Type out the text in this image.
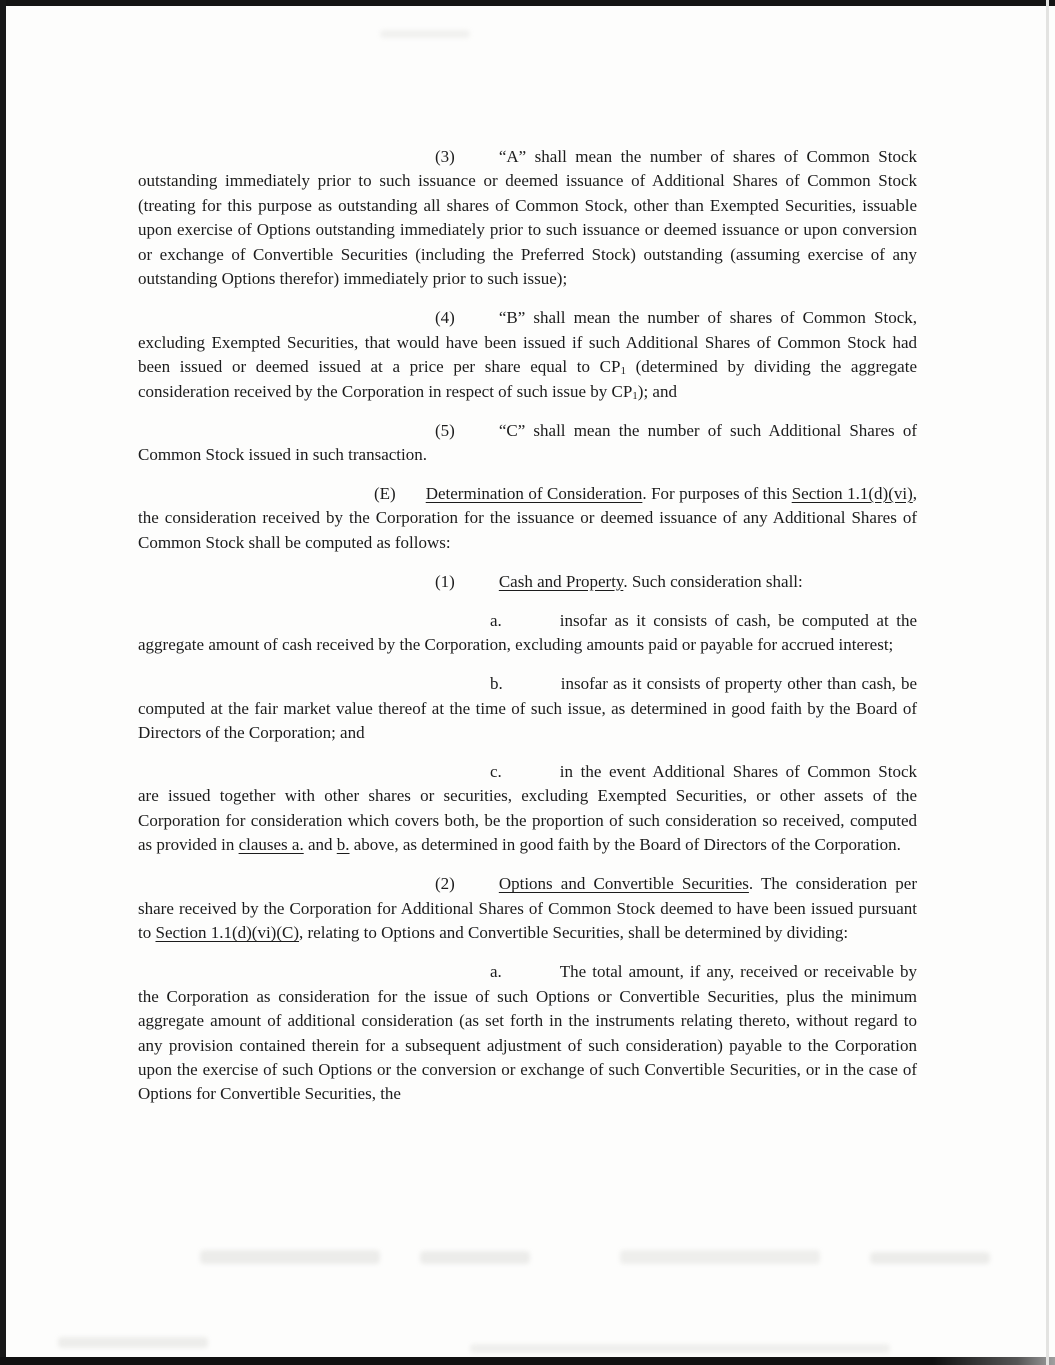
(3)	“A” shall mean the number of shares of Common Stock outstanding immediately prior to such issuance or deemed issuance of Additional Shares of Common Stock (treating for this purpose as outstanding all shares of Common Stock, other than Exempted Securities, issuable upon exercise of Options outstanding immediately prior to such issuance or deemed issuance or upon conversion or exchange of Convertible Securities (including the Preferred Stock) outstanding (assuming exercise of any outstanding Options therefor) immediately prior to such issue);

(4)	“B” shall mean the number of shares of Common Stock, excluding Exempted Securities, that would have been issued if such Additional Shares of Common Stock had been issued or deemed issued at a price per share equal to CP1 (determined by dividing the aggregate consideration received by the Corporation in respect of such issue by CP1); and

(5)	“C” shall mean the number of such Additional Shares of Common Stock issued in such transaction.

(E) Determination of Consideration. For purposes of this Section 1.1(d)(vi), the consideration received by the Corporation for the issuance or deemed issuance of any Additional Shares of Common Stock shall be computed as follows:

(1)	Cash and Property. Such consideration shall:

a.	insofar as it consists of cash, be computed at the aggregate amount of cash received by the Corporation, excluding amounts paid or payable for accrued interest;

b.	insofar as it consists of property other than cash, be computed at the fair market value thereof at the time of such issue, as determined in good faith by the Board of Directors of the Corporation; and

c.	in the event Additional Shares of Common Stock are issued together with other shares or securities, excluding Exempted Securities, or other assets of the Corporation for consideration which covers both, be the proportion of such consideration so received, computed as provided in clauses a. and b. above, as determined in good faith by the Board of Directors of the Corporation.

(2)	Options and Convertible Securities. The consideration per share received by the Corporation for Additional Shares of Common Stock deemed to have been issued pursuant to Section 1.1(d)(vi)(C), relating to Options and Convertible Securities, shall be determined by dividing:

a.	The total amount, if any, received or receivable by the Corporation as consideration for the issue of such Options or Convertible Securities, plus the minimum aggregate amount of additional consideration (as set forth in the instruments relating thereto, without regard to any provision contained therein for a subsequent adjustment of such consideration) payable to the Corporation upon the exercise of such Options or the conversion or exchange of such Convertible Securities, or in the case of Options for Convertible Securities, the
